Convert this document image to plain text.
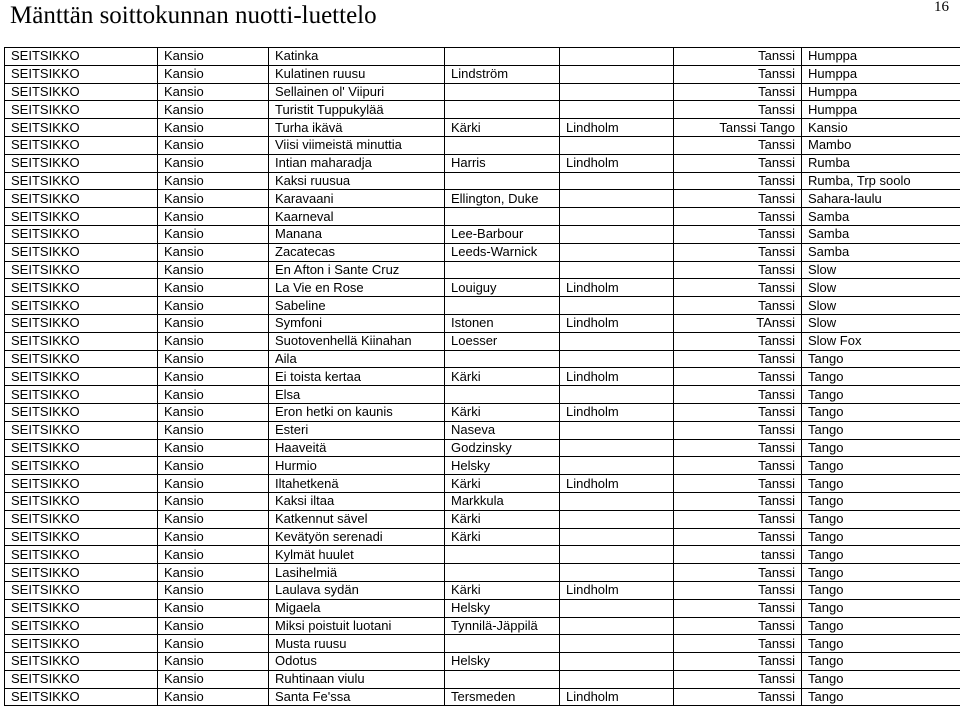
Mänttän soittokunnan nuotti-luettelo	16
SEITSIKKO	Kansio	Katinka			Tanssi	Humppa
SEITSIKKO	Kansio	Kulatinen ruusu	Lindström		Tanssi	Humppa
SEITSIKKO	Kansio	Sellainen ol' Viipuri			Tanssi	Humppa
SEITSIKKO	Kansio	Turistit Tuppukylää			Tanssi	Humppa
SEITSIKKO	Kansio	Turha ikävä	Kärki	Lindholm	Tanssi Tango	Kansio
SEITSIKKO	Kansio	Viisi viimeistä minuttia			Tanssi	Mambo
SEITSIKKO	Kansio	Intian maharadja	Harris	Lindholm	Tanssi	Rumba
SEITSIKKO	Kansio	Kaksi ruusua			Tanssi	Rumba, Trp soolo
SEITSIKKO	Kansio	Karavaani	Ellington, Duke		Tanssi	Sahara-laulu
SEITSIKKO	Kansio	Kaarneval			Tanssi	Samba
SEITSIKKO	Kansio	Manana	Lee-Barbour		Tanssi	Samba
SEITSIKKO	Kansio	Zacatecas	Leeds-Warnick		Tanssi	Samba
SEITSIKKO	Kansio	En Afton i Sante Cruz			Tanssi	Slow
SEITSIKKO	Kansio	La Vie en Rose	Louiguy	Lindholm	Tanssi	Slow
SEITSIKKO	Kansio	Sabeline			Tanssi	Slow
SEITSIKKO	Kansio	Symfoni	Istonen	Lindholm	TAnssi	Slow
SEITSIKKO	Kansio	Suotovenhellä Kiinahan	Loesser		Tanssi	Slow Fox
SEITSIKKO	Kansio	Aila			Tanssi	Tango
SEITSIKKO	Kansio	Ei toista kertaa	Kärki	Lindholm	Tanssi	Tango
SEITSIKKO	Kansio	Elsa			Tanssi	Tango
SEITSIKKO	Kansio	Eron hetki on kaunis	Kärki	Lindholm	Tanssi	Tango
SEITSIKKO	Kansio	Esteri	Naseva		Tanssi	Tango
SEITSIKKO	Kansio	Haaveitä	Godzinsky		Tanssi	Tango
SEITSIKKO	Kansio	Hurmio	Helsky		Tanssi	Tango
SEITSIKKO	Kansio	Iltahetkenä	Kärki	Lindholm	Tanssi	Tango
SEITSIKKO	Kansio	Kaksi iltaa	Markkula		Tanssi	Tango
SEITSIKKO	Kansio	Katkennut sävel	Kärki		Tanssi	Tango
SEITSIKKO	Kansio	Kevätyön serenadi	Kärki		Tanssi	Tango
SEITSIKKO	Kansio	Kylmät huulet			tanssi	Tango
SEITSIKKO	Kansio	Lasihelmiä			Tanssi	Tango
SEITSIKKO	Kansio	Laulava sydän	Kärki	Lindholm	Tanssi	Tango
SEITSIKKO	Kansio	Migaela	Helsky		Tanssi	Tango
SEITSIKKO	Kansio	Miksi poistuit luotani	Tynnilä-Jäppilä		Tanssi	Tango
SEITSIKKO	Kansio	Musta ruusu			Tanssi	Tango
SEITSIKKO	Kansio	Odotus	Helsky		Tanssi	Tango
SEITSIKKO	Kansio	Ruhtinaan viulu			Tanssi	Tango
SEITSIKKO	Kansio	Santa Fe'ssa	Tersmeden	Lindholm	Tanssi	Tango
